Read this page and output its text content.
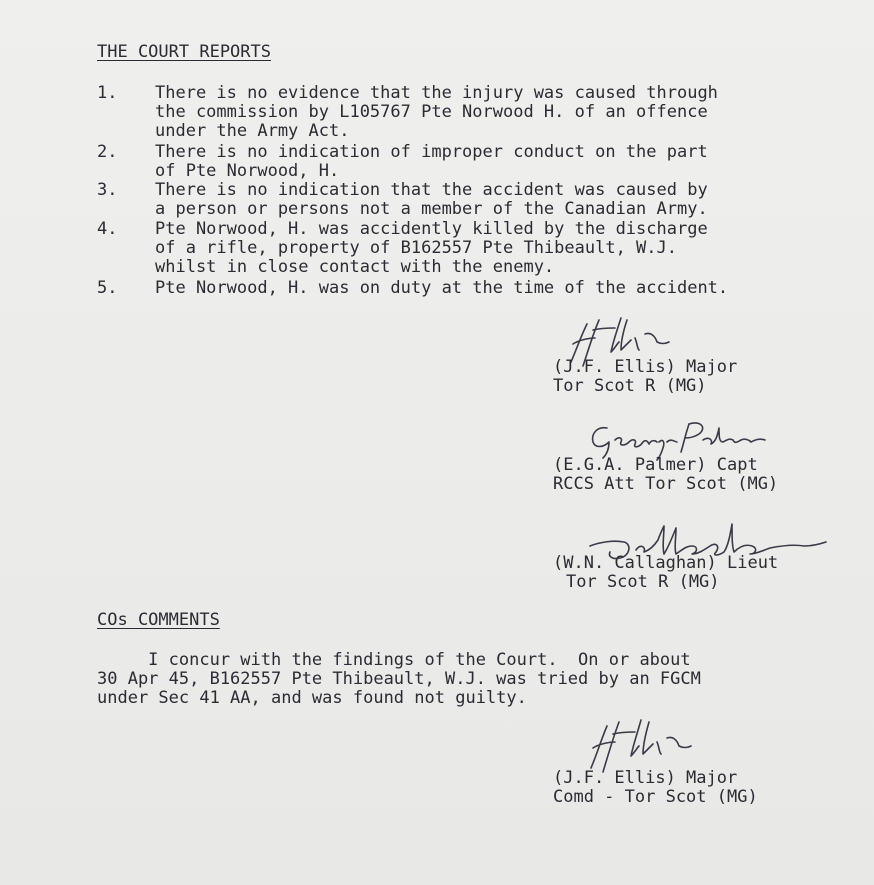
THE COURT REPORTS
1.	There is no evidence that the injury was caused through
the commission by L105767 Pte Norwood H. of an offence
under the Army Act.
2.	There is no indication of improper conduct on the part
of Pte Norwood, H.
3.	There is no indication that the accident was caused by
a person or persons not a member of the Canadian Army.
4.	Pte Norwood, H. was accidently killed by the discharge
of a rifle, property of B162557 Pte Thibeault, W.J.
whilst in close contact with the enemy.
5.	Pte Norwood, H. was on duty at the time of the accident.
(J.F. Ellis) Major
Tor Scot R (MG)
(E.G.A. Palmer) Capt
RCCS Att Tor Scot (MG)
(W.N. Callaghan) Lieut
Tor Scot R (MG)
COs COMMENTS
I concur with the findings of the Court.  On or about
30 Apr 45, B162557 Pte Thibeault, W.J. was tried by an FGCM
under Sec 41 AA, and was found not guilty.
(J.F. Ellis) Major
Comd - Tor Scot (MG)
